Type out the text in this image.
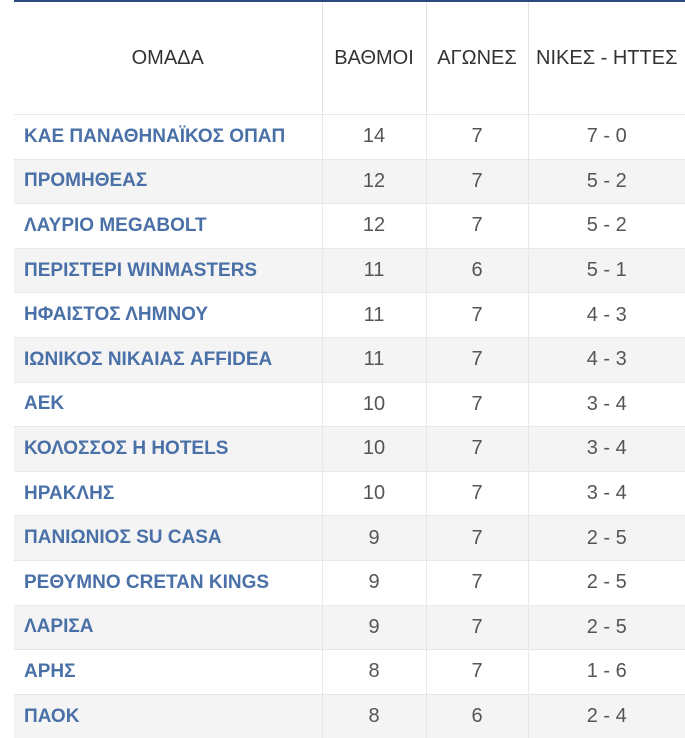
ΟΜΑΔΑ	ΒΑΘΜΟΙ	ΑΓΩΝΕΣ	ΝΙΚΕΣ - ΗΤΤΕΣ
ΚΑΕ ΠΑΝΑΘΗΝΑΪΚΟΣ ΟΠΑΠ	14	7	7 - 0
ΠΡΟΜΗΘΕΑΣ	12	7	5 - 2
ΛΑΥΡΙΟ MEGABOLT	12	7	5 - 2
ΠΕΡΙΣΤΕΡΙ WINMASTERS	11	6	5 - 1
ΗΦΑΙΣΤΟΣ ΛΗΜΝΟΥ	11	7	4 - 3
ΙΩΝΙΚΟΣ ΝΙΚΑΙΑΣ AFFIDEA	11	7	4 - 3
ΑΕΚ	10	7	3 - 4
ΚΟΛΟΣΣΟΣ H HOTELS	10	7	3 - 4
ΗΡΑΚΛΗΣ	10	7	3 - 4
ΠΑΝΙΩΝΙΟΣ SU CASA	9	7	2 - 5
ΡΕΘΥΜΝΟ CRETAN KINGS	9	7	2 - 5
ΛΑΡΙΣΑ	9	7	2 - 5
ΑΡΗΣ	8	7	1 - 6
ΠΑΟΚ	8	6	2 - 4
